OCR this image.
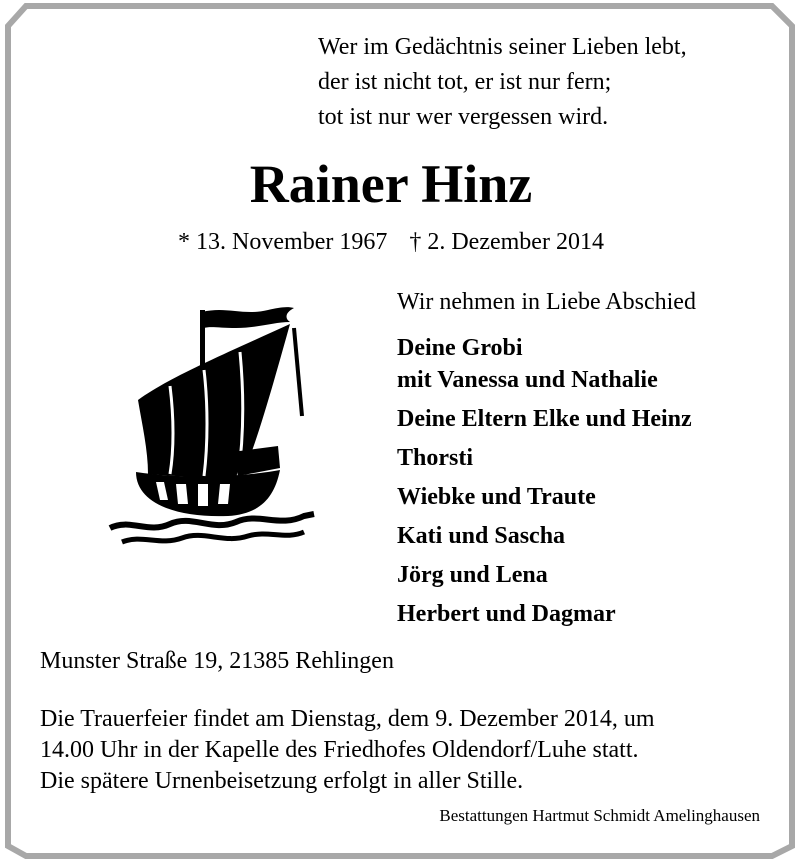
Wer im Gedächtnis seiner Lieben lebt,
der ist nicht tot, er ist nur fern;
tot ist nur wer vergessen wird.

Rainer Hinz
* 13. November 1967 † 2. Dezember 2014
Wir nehmen in Liebe Abschied
Deine Grobi
mit Vanessa und Nathalie
Deine Eltern Elke und Heinz
Thorsti
Wiebke und Traute
Kati und Sascha
Jörg und Lena
Herbert und Dagmar
Munster Straße 19, 21385 Rehlingen

Die Trauerfeier findet am Dienstag, dem 9. Dezember 2014, um
14.00 Uhr in der Kapelle des Friedhofes Oldendorf/Luhe statt.
Die spätere Urnenbeisetzung erfolgt in aller Stille.

Bestattungen Hartmut Schmidt Amelinghausen
